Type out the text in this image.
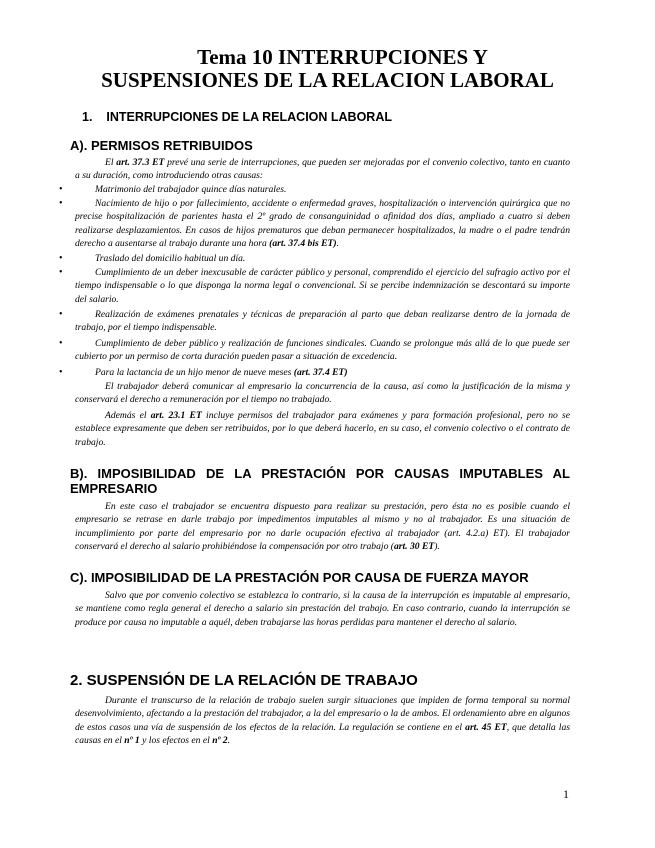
Tema 10 INTERRUPCIONES Y
SUSPENSIONES DE LA RELACION LABORAL
1. INTERRUPCIONES DE LA RELACION LABORAL
A). PERMISOS RETRIBUIDOS
El art. 37.3 ET prevé una serie de interrupciones, que pueden ser mejoradas por el convenio colectivo, tanto en cuanto a su duración, como introduciendo otras causas:
•	Matrimonio del trabajador quince días naturales.
•	Nacimiento de hijo o por fallecimiento, accidente o enfermedad graves, hospitalización o intervención quirúrgica que no precise hospitalización de parientes hasta el 2º grado de consanguinidad o afinidad dos días, ampliado a cuatro si deben realizarse desplazamientos. En casos de hijos prematuros que deban permanecer hospitalizados, la madre o el padre tendrán derecho a ausentarse al trabajo durante una hora (art. 37.4 bis ET).
•	Traslado del domicilio habitual un día.
•	Cumplimiento de un deber inexcusable de carácter público y personal, comprendido el ejercicio del sufragio activo por el tiempo indispensable o lo que disponga la norma legal o convencional. Si se percibe indemnización se descontará su importe del salario.
•	Realización de exámenes prenatales y técnicas de preparación al parto que deban realizarse dentro de la jornada de trabajo, por el tiempo indispensable.
•	Cumplimiento de deber público y realización de funciones sindicales. Cuando se prolongue más allá de lo que puede ser cubierto por un permiso de corta duración pueden pasar a situación de excedencia.
•	Para la lactancia de un hijo menor de nueve meses (art. 37.4 ET)
El trabajador deberá comunicar al empresario la concurrencia de la causa, así como la justificación de la misma y conservará el derecho a remuneración por el tiempo no trabajado.
Además el art. 23.1 ET incluye permisos del trabajador para exámenes y para formación profesional, pero no se establece expresamente que deben ser retribuidos, por lo que deberá hacerlo, en su caso, el convenio colectivo o el contrato de trabajo.
B). IMPOSIBILIDAD DE LA PRESTACIÓN POR CAUSAS IMPUTABLES AL
EMPRESARIO
En este caso el trabajador se encuentra dispuesto para realizar su prestación, pero ésta no es posible cuando el empresario se retrase en darle trabajo por impedimentos imputables al mismo y no al trabajador. Es una situación de incumplimiento por parte del empresario por no darle ocupación efectiva al trabajador (art. 4.2.a) ET). El trabajador conservará el derecho al salario prohibiéndose la compensación por otro trabajo (art. 30 ET).
C). IMPOSIBILIDAD DE LA PRESTACIÓN POR CAUSA DE FUERZA MAYOR
Salvo que por convenio colectivo se establezca lo contrario, si la causa de la interrupción es imputable al empresario, se mantiene como regla general el derecho a salario sin prestación del trabajo. En caso contrario, cuando la interrupción se produce por causa no imputable a aquél, deben trabajarse las horas perdidas para mantener el derecho al salario.
2. SUSPENSIÓN DE LA RELACIÓN DE TRABAJO
Durante el transcurso de la relación de trabajo suelen surgir situaciones que impiden de forma temporal su normal desenvolvimiento, afectando a la prestación del trabajador, a la del empresario o la de ambos. El ordenamiento abre en algunos de estos casos una vía de suspensión de los efectos de la relación. La regulación se contiene en el art. 45 ET, que detalla las causas en el nº 1 y los efectos en el nº 2.
1
